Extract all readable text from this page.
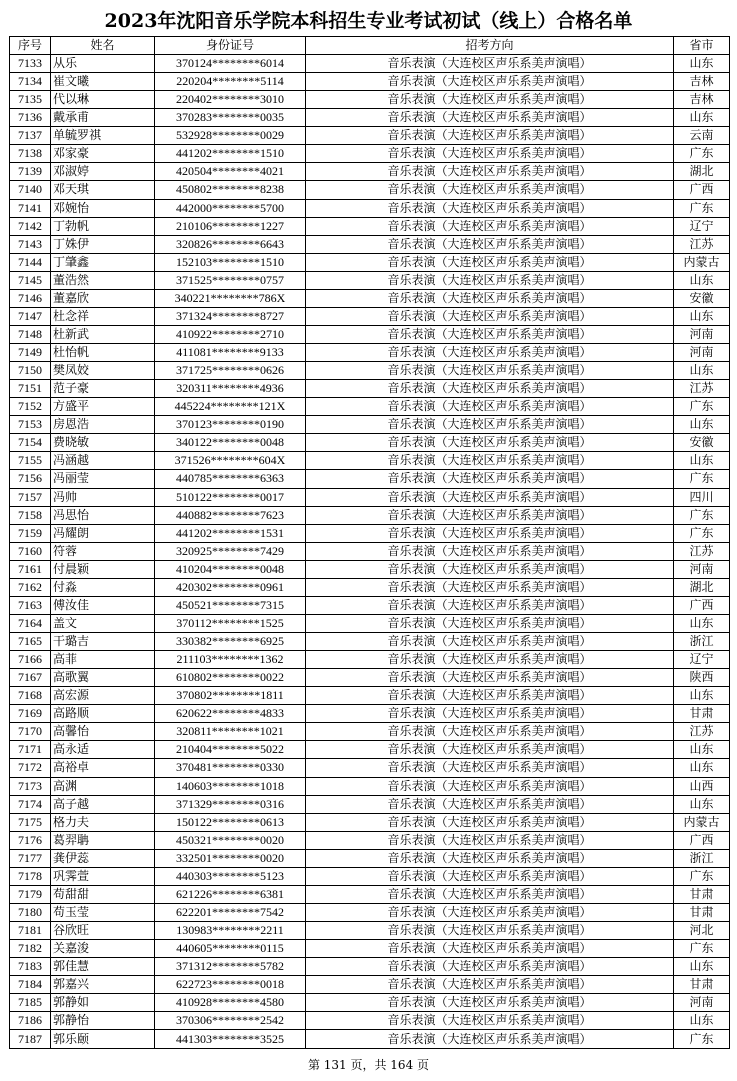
2023年沈阳音乐学院本科招生专业考试初试（线上）合格名单
序号	姓名	身份证号	招考方向	省市
7133	从乐	370124********6014	音乐表演（大连校区声乐系美声演唱）	山东
7134	崔文曦	220204********5114	音乐表演（大连校区声乐系美声演唱）	吉林
7135	代以琳	220402********3010	音乐表演（大连校区声乐系美声演唱）	吉林
7136	戴承甫	370283********0035	音乐表演（大连校区声乐系美声演唱）	山东
7137	单毓罗祺	532928********0029	音乐表演（大连校区声乐系美声演唱）	云南
7138	邓家豪	441202********1510	音乐表演（大连校区声乐系美声演唱）	广东
7139	邓淑婷	420504********4021	音乐表演（大连校区声乐系美声演唱）	湖北
7140	邓天琪	450802********8238	音乐表演（大连校区声乐系美声演唱）	广西
7141	邓婉怡	442000********5700	音乐表演（大连校区声乐系美声演唱）	广东
7142	丁勃帆	210106********1227	音乐表演（大连校区声乐系美声演唱）	辽宁
7143	丁姝伊	320826********6643	音乐表演（大连校区声乐系美声演唱）	江苏
7144	丁肇鑫	152103********1510	音乐表演（大连校区声乐系美声演唱）	内蒙古
7145	董浩然	371525********0757	音乐表演（大连校区声乐系美声演唱）	山东
7146	董嘉欣	340221********786X	音乐表演（大连校区声乐系美声演唱）	安徽
7147	杜念祥	371324********8727	音乐表演（大连校区声乐系美声演唱）	山东
7148	杜新武	410922********2710	音乐表演（大连校区声乐系美声演唱）	河南
7149	杜怡帆	411081********9133	音乐表演（大连校区声乐系美声演唱）	河南
7150	樊凤姣	371725********0626	音乐表演（大连校区声乐系美声演唱）	山东
7151	范子豪	320311********4936	音乐表演（大连校区声乐系美声演唱）	江苏
7152	方盛平	445224********121X	音乐表演（大连校区声乐系美声演唱）	广东
7153	房恩浩	370123********0190	音乐表演（大连校区声乐系美声演唱）	山东
7154	费晓敏	340122********0048	音乐表演（大连校区声乐系美声演唱）	安徽
7155	冯涵越	371526********604X	音乐表演（大连校区声乐系美声演唱）	山东
7156	冯丽莹	440785********6363	音乐表演（大连校区声乐系美声演唱）	广东
7157	冯帅	510122********0017	音乐表演（大连校区声乐系美声演唱）	四川
7158	冯思怡	440882********7623	音乐表演（大连校区声乐系美声演唱）	广东
7159	冯耀朗	441202********1531	音乐表演（大连校区声乐系美声演唱）	广东
7160	符蓉	320925********7429	音乐表演（大连校区声乐系美声演唱）	江苏
7161	付晨颖	410204********0048	音乐表演（大连校区声乐系美声演唱）	河南
7162	付淼	420302********0961	音乐表演（大连校区声乐系美声演唱）	湖北
7163	傅汝佳	450521********7315	音乐表演（大连校区声乐系美声演唱）	广西
7164	盖文	370112********1525	音乐表演（大连校区声乐系美声演唱）	山东
7165	干璐吉	330382********6925	音乐表演（大连校区声乐系美声演唱）	浙江
7166	高菲	211103********1362	音乐表演（大连校区声乐系美声演唱）	辽宁
7167	高歌翼	610802********0022	音乐表演（大连校区声乐系美声演唱）	陕西
7168	高宏源	370802********1811	音乐表演（大连校区声乐系美声演唱）	山东
7169	高路顺	620622********4833	音乐表演（大连校区声乐系美声演唱）	甘肃
7170	高馨怡	320811********1021	音乐表演（大连校区声乐系美声演唱）	江苏
7171	高永适	210404********5022	音乐表演（大连校区声乐系美声演唱）	山东
7172	高裕卓	370481********0330	音乐表演（大连校区声乐系美声演唱）	山东
7173	高渊	140603********1018	音乐表演（大连校区声乐系美声演唱）	山西
7174	高子越	371329********0316	音乐表演（大连校区声乐系美声演唱）	山东
7175	格力夫	150122********0613	音乐表演（大连校区声乐系美声演唱）	内蒙古
7176	葛羿聃	450321********0020	音乐表演（大连校区声乐系美声演唱）	广西
7177	龚伊蕊	332501********0020	音乐表演（大连校区声乐系美声演唱）	浙江
7178	巩霁萱	440303********5123	音乐表演（大连校区声乐系美声演唱）	广东
7179	苟甜甜	621226********6381	音乐表演（大连校区声乐系美声演唱）	甘肃
7180	苟玉莹	622201********7542	音乐表演（大连校区声乐系美声演唱）	甘肃
7181	谷欣旺	130983********2211	音乐表演（大连校区声乐系美声演唱）	河北
7182	关嘉浚	440605********0115	音乐表演（大连校区声乐系美声演唱）	广东
7183	郭佳慧	371312********5782	音乐表演（大连校区声乐系美声演唱）	山东
7184	郭嘉兴	622723********0018	音乐表演（大连校区声乐系美声演唱）	甘肃
7185	郭静如	410928********4580	音乐表演（大连校区声乐系美声演唱）	河南
7186	郭静怡	370306********2542	音乐表演（大连校区声乐系美声演唱）	山东
7187	郭乐颐	441303********3525	音乐表演（大连校区声乐系美声演唱）	广东
第 131 页，共 164 页
